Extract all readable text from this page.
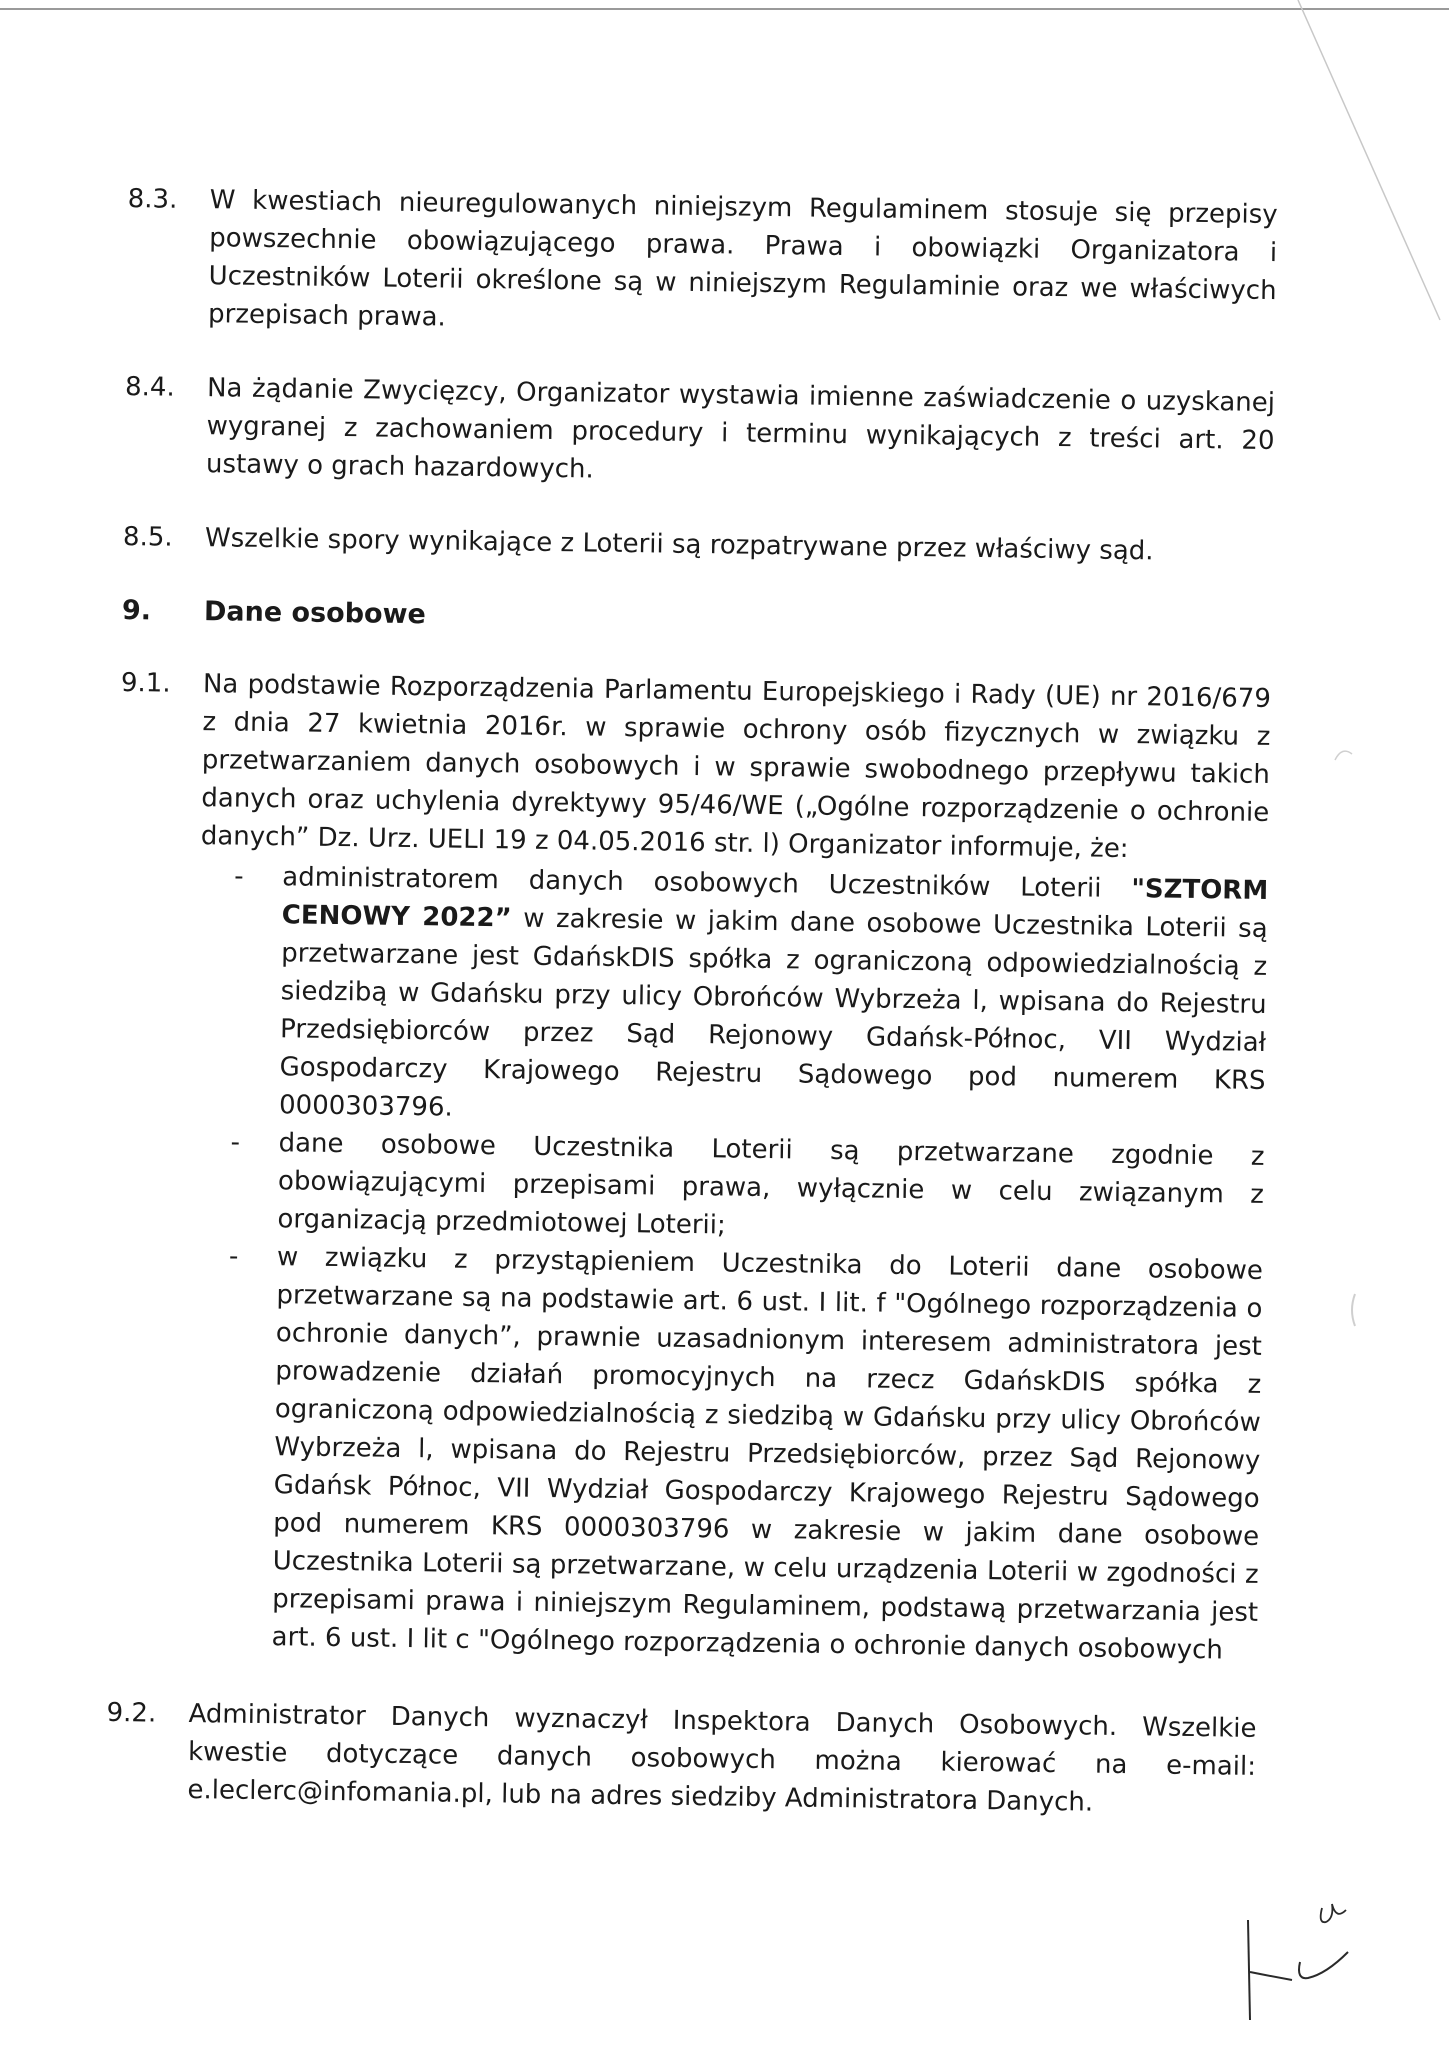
8.3. W kwestiach nieuregulowanych niniejszym Regulaminem stosuje się przepisy powszechnie obowiązującego prawa. Prawa i obowiązki Organizatora i Uczestników Loterii określone są w niniejszym Regulaminie oraz we właściwych przepisach prawa.
8.4. Na żądanie Zwycięzcy, Organizator wystawia imienne zaświadczenie o uzyskanej wygranej z zachowaniem procedury i terminu wynikających z treści art. 20 ustawy o grach hazardowych.
8.5. Wszelkie spory wynikające z Loterii są rozpatrywane przez właściwy sąd.
9. Dane osobowe
9.1. Na podstawie Rozporządzenia Parlamentu Europejskiego i Rady (UE) nr 2016/679 z dnia 27 kwietnia 2016r. w sprawie ochrony osób fizycznych w związku z przetwarzaniem danych osobowych i w sprawie swobodnego przepływu takich danych oraz uchylenia dyrektywy 95/46/WE („Ogólne rozporządzenie o ochronie danych” Dz. Urz. UELI 19 z 04.05.2016 str. l) Organizator informuje, że:
- administratorem danych osobowych Uczestników Loterii "SZTORM CENOWY 2022” w zakresie w jakim dane osobowe Uczestnika Loterii są przetwarzane jest GdańskDIS spółka z ograniczoną odpowiedzialnością z siedzibą w Gdańsku przy ulicy Obrońców Wybrzeża l, wpisana do Rejestru Przedsiębiorców przez Sąd Rejonowy Gdańsk-Północ, VII Wydział Gospodarczy Krajowego Rejestru Sądowego pod numerem KRS 0000303796.
- dane osobowe Uczestnika Loterii są przetwarzane zgodnie z obowiązującymi przepisami prawa, wyłącznie w celu związanym z organizacją przedmiotowej Loterii;
- w związku z przystąpieniem Uczestnika do Loterii dane osobowe przetwarzane są na podstawie art. 6 ust. I lit. f "Ogólnego rozporządzenia o ochronie danych”, prawnie uzasadnionym interesem administratora jest prowadzenie działań promocyjnych na rzecz GdańskDIS spółka z ograniczoną odpowiedzialnością z siedzibą w Gdańsku przy ulicy Obrońców Wybrzeża l, wpisana do Rejestru Przedsiębiorców, przez Sąd Rejonowy Gdańsk Północ, VII Wydział Gospodarczy Krajowego Rejestru Sądowego pod numerem KRS 0000303796 w zakresie w jakim dane osobowe Uczestnika Loterii są przetwarzane, w celu urządzenia Loterii w zgodności z przepisami prawa i niniejszym Regulaminem, podstawą przetwarzania jest art. 6 ust. I lit c "Ogólnego rozporządzenia o ochronie danych osobowych
9.2. Administrator Danych wyznaczył Inspektora Danych Osobowych. Wszelkie kwestie dotyczące danych osobowych można kierować na e-mail: e.leclerc@infomania.pl, lub na adres siedziby Administratora Danych.
